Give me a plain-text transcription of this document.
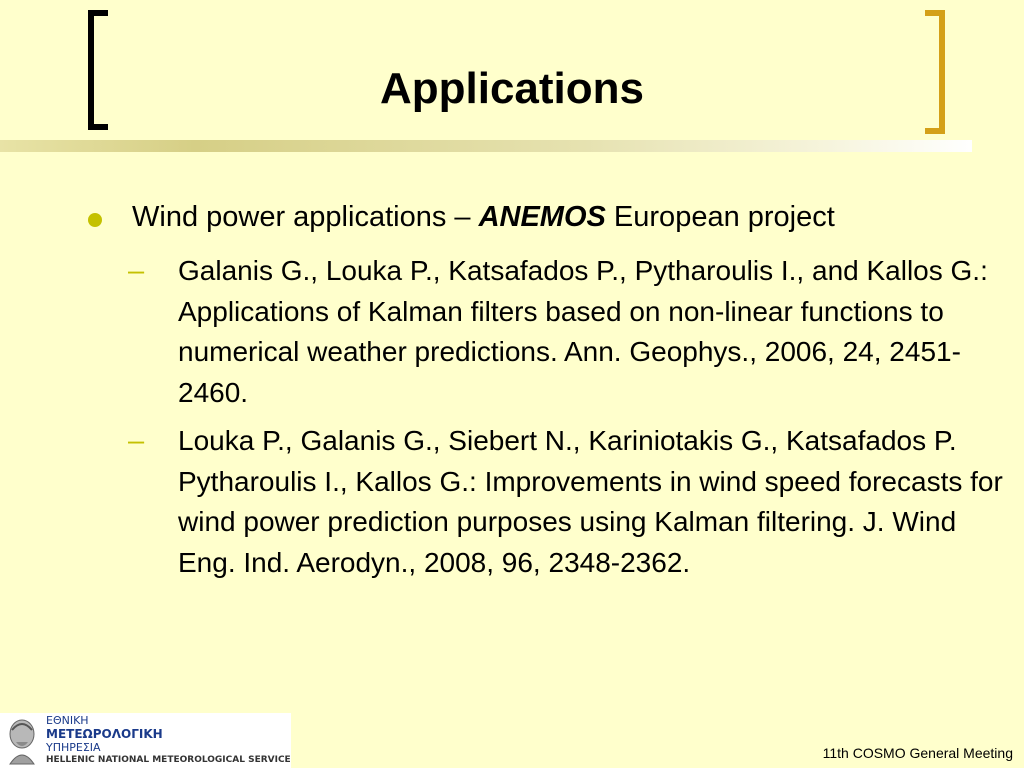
Applications
Wind power applications – ANEMOS European project
– Galanis G., Louka P., Katsafados P., Pytharoulis I., and Kallos G.: Applications of Kalman filters based on non-linear functions to numerical weather predictions. Ann. Geophys., 2006, 24, 2451-2460.

– Louka P., Galanis G., Siebert N., Kariniotakis G., Katsafados P. Pytharoulis I., Kallos G.: Improvements in wind speed forecasts for wind power prediction purposes using Kalman filtering. J. Wind Eng. Ind. Aerodyn., 2008, 96, 2348-2362.

ΕΘΝΙΚΗ
ΜΕΤΕΩΡΟΛΟΓΙΚΗ
ΥΠΗΡΕΣΙΑ
HELLENIC NATIONAL METEOROLOGICAL SERVICE	11th COSMO General Meeting
